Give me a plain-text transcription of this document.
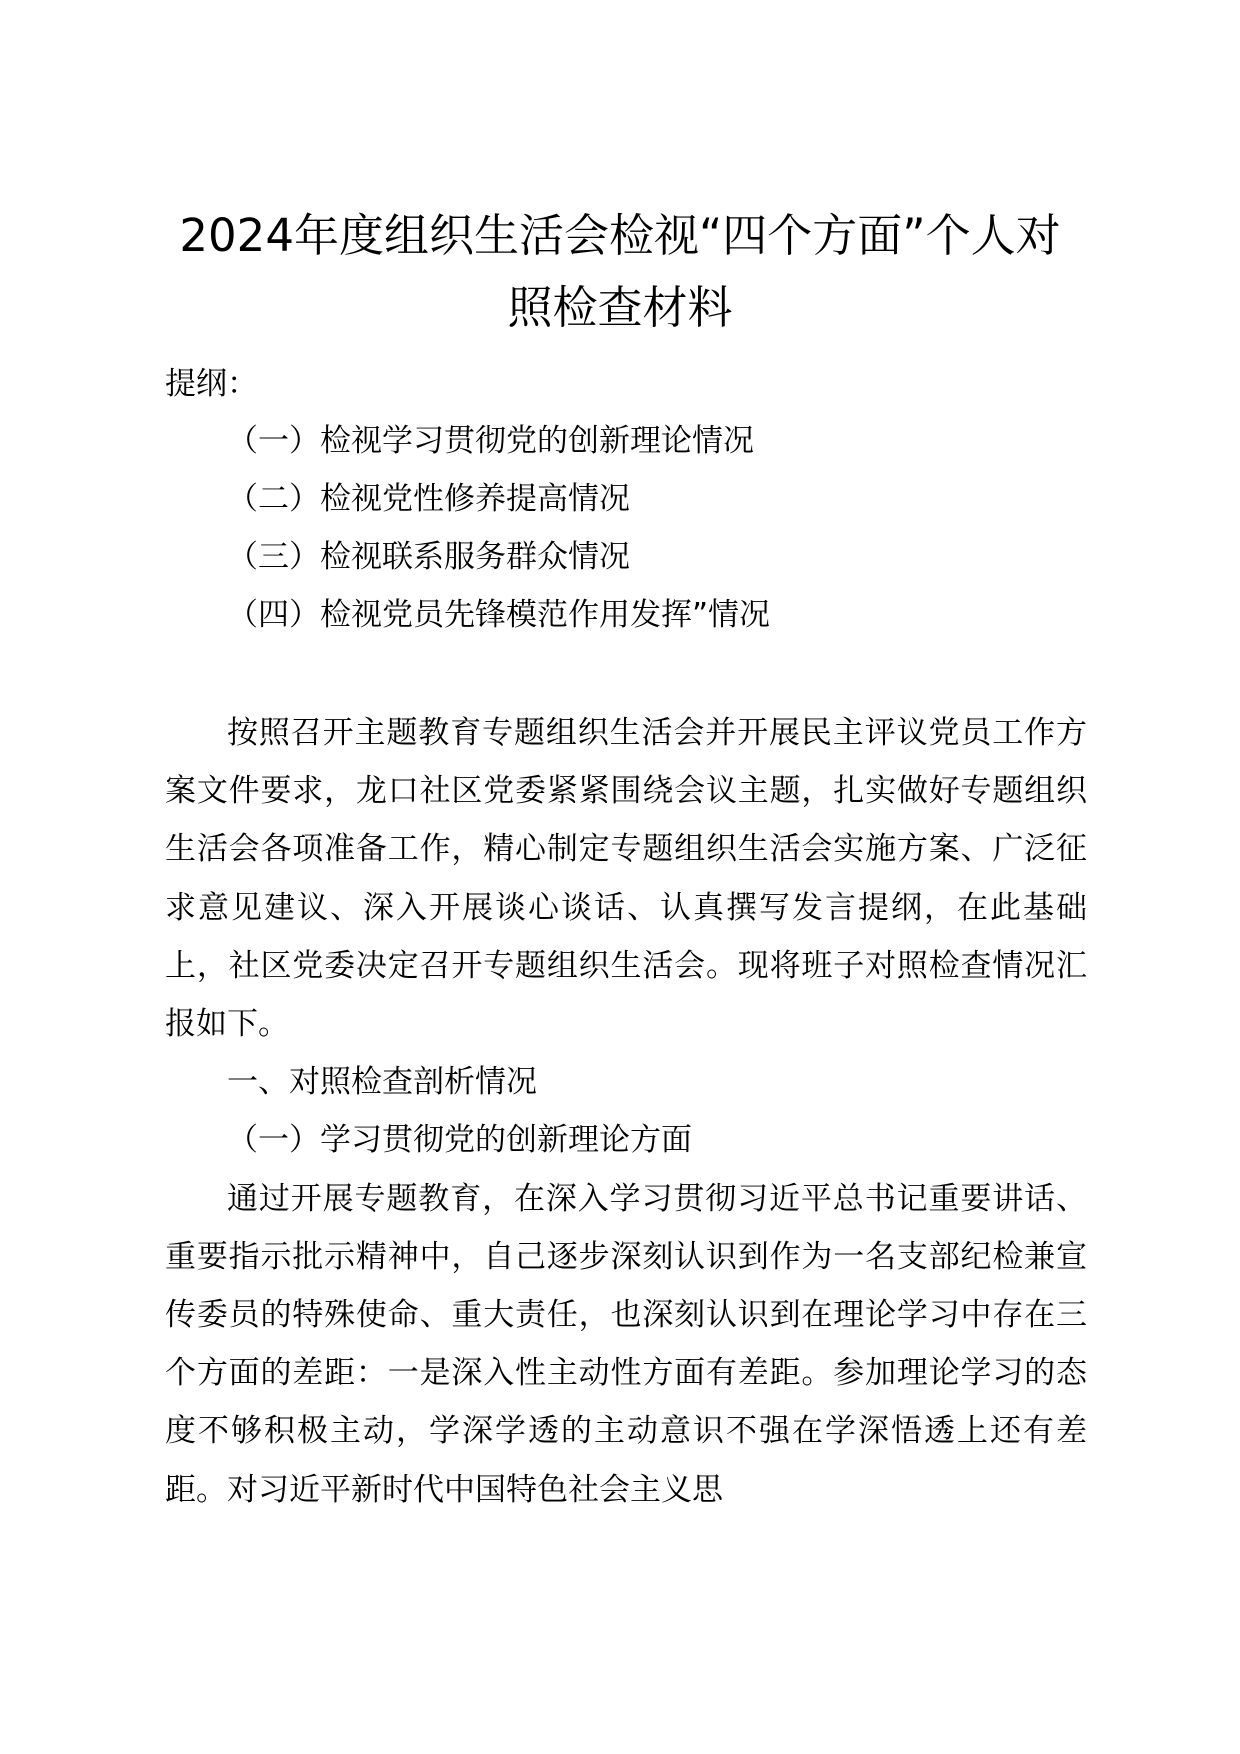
2024年度组织生活会检视“四个方面”个人对
照检查材料

提纲：

（一）检视学习贯彻党的创新理论情况
（二）检视党性修养提高情况
（三）检视联系服务群众情况
（四）检视党员先锋模范作用发挥”情况

按照召开主题教育专题组织生活会并开展民主评议党员工作方案文件要求，龙口社区党委紧紧围绕会议主题，扎实做好专题组织生活会各项准备工作，精心制定专题组织生活会实施方案、广泛征求意见建议、深入开展谈心谈话、认真撰写发言提纲，在此基础上，社区党委决定召开专题组织生活会。现将班子对照检查情况汇报如下。

一、对照检查剖析情况

（一）学习贯彻党的创新理论方面

通过开展专题教育，在深入学习贯彻习近平总书记重要讲话、重要指示批示精神中，自己逐步深刻认识到作为一名支部纪检兼宣传委员的特殊使命、重大责任，也深刻认识到在理论学习中存在三个方面的差距：一是深入性主动性方面有差距。参加理论学习的态度不够积极主动，学深学透的主动意识不强在学深悟透上还有差距。对习近平新时代中国特色社会主义思
